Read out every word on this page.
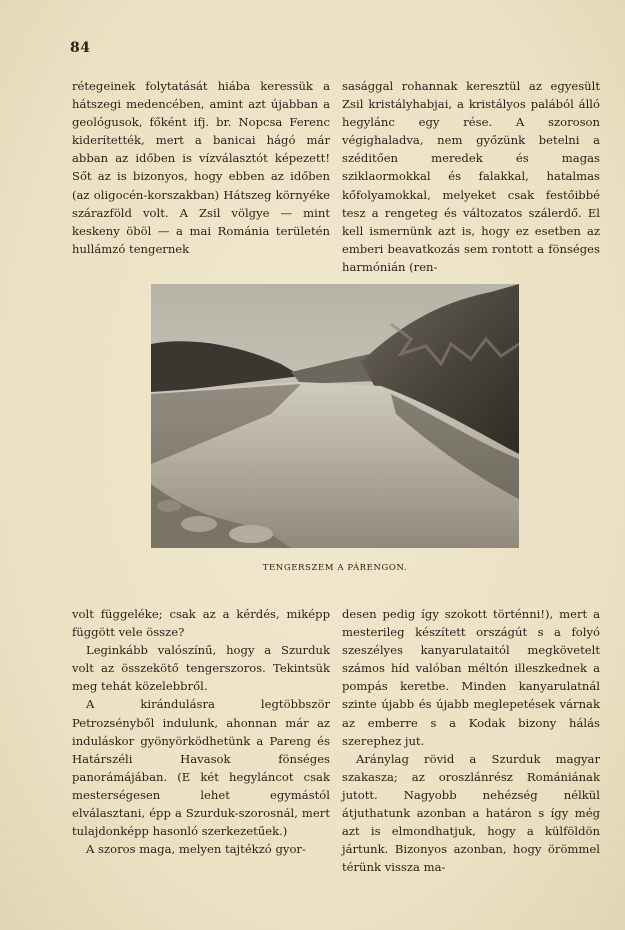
84

rétegeinek folytatását hiába keressük a hátszegi medencében, amint azt újabban a geológusok, főként ifj. br. Nopcsa Ferenc kiderítették, mert a banicai hágó már abban az időben is vízválasztót képezett! Sőt az is bizonyos, hogy ebben az időben (az oligocén-korszakban) Hátszeg környéke szárazföld volt. A Zsil völgye — mint keskeny öböl — a mai Románia területén hullámzó tengernek

sasággal rohannak keresztül az egyesült Zsil kristályhabjai, a kristályos palából álló hegylánc egy rése. A szoroson végighaladva, nem győzünk betelni a széditően meredek és magas sziklaormokkal és falakkal, hatalmas kőfolyamokkal, melyeket csak festőibbé tesz a rengeteg és változatos szálerdő. El kell ismernünk azt is, hogy ez esetben az emberi beavatkozás sem rontott a fönséges harmónián (ren-

TENGERSZEM A PÁRENGON.

volt függeléke; csak az a kérdés, miképp függött vele össze?

Leginkább valószínű, hogy a Szurduk volt az összekötő tengerszoros. Tekintsük meg tehát közelebbről.

A kirándulásra legtöbbször Petrozsényből indulunk, ahonnan már az induláskor gyönyörködhetünk a Pareng és Határszéli Havasok fönséges panorámájában. (E két hegyláncot csak mesterségesen lehet egymástól elválasztani, épp a Szurduk-szorosnál, mert tulajdonképp hasonló szerkezetűek.)

A szoros maga, melyen tajtékzó gyor-

desen pedig így szokott történni!), mert a mesterileg készített országút s a folyó szeszélyes kanyarulataitól megkövetelt számos híd valóban méltón illeszkednek a pompás keretbe. Minden kanyarulatnál szinte újabb és újabb meglepetések várnak az emberre s a Kodak bizony hálás szerephez jut.

Aránylag rövid a Szurduk magyar szakasza; az oroszlánrész Romániának jutott. Nagyobb nehézség nélkül átjuthatunk azonban a határon s így még azt is elmondhatjuk, hogy a külföldön jártunk. Bizonyos azonban, hogy örömmel térünk vissza ma-
